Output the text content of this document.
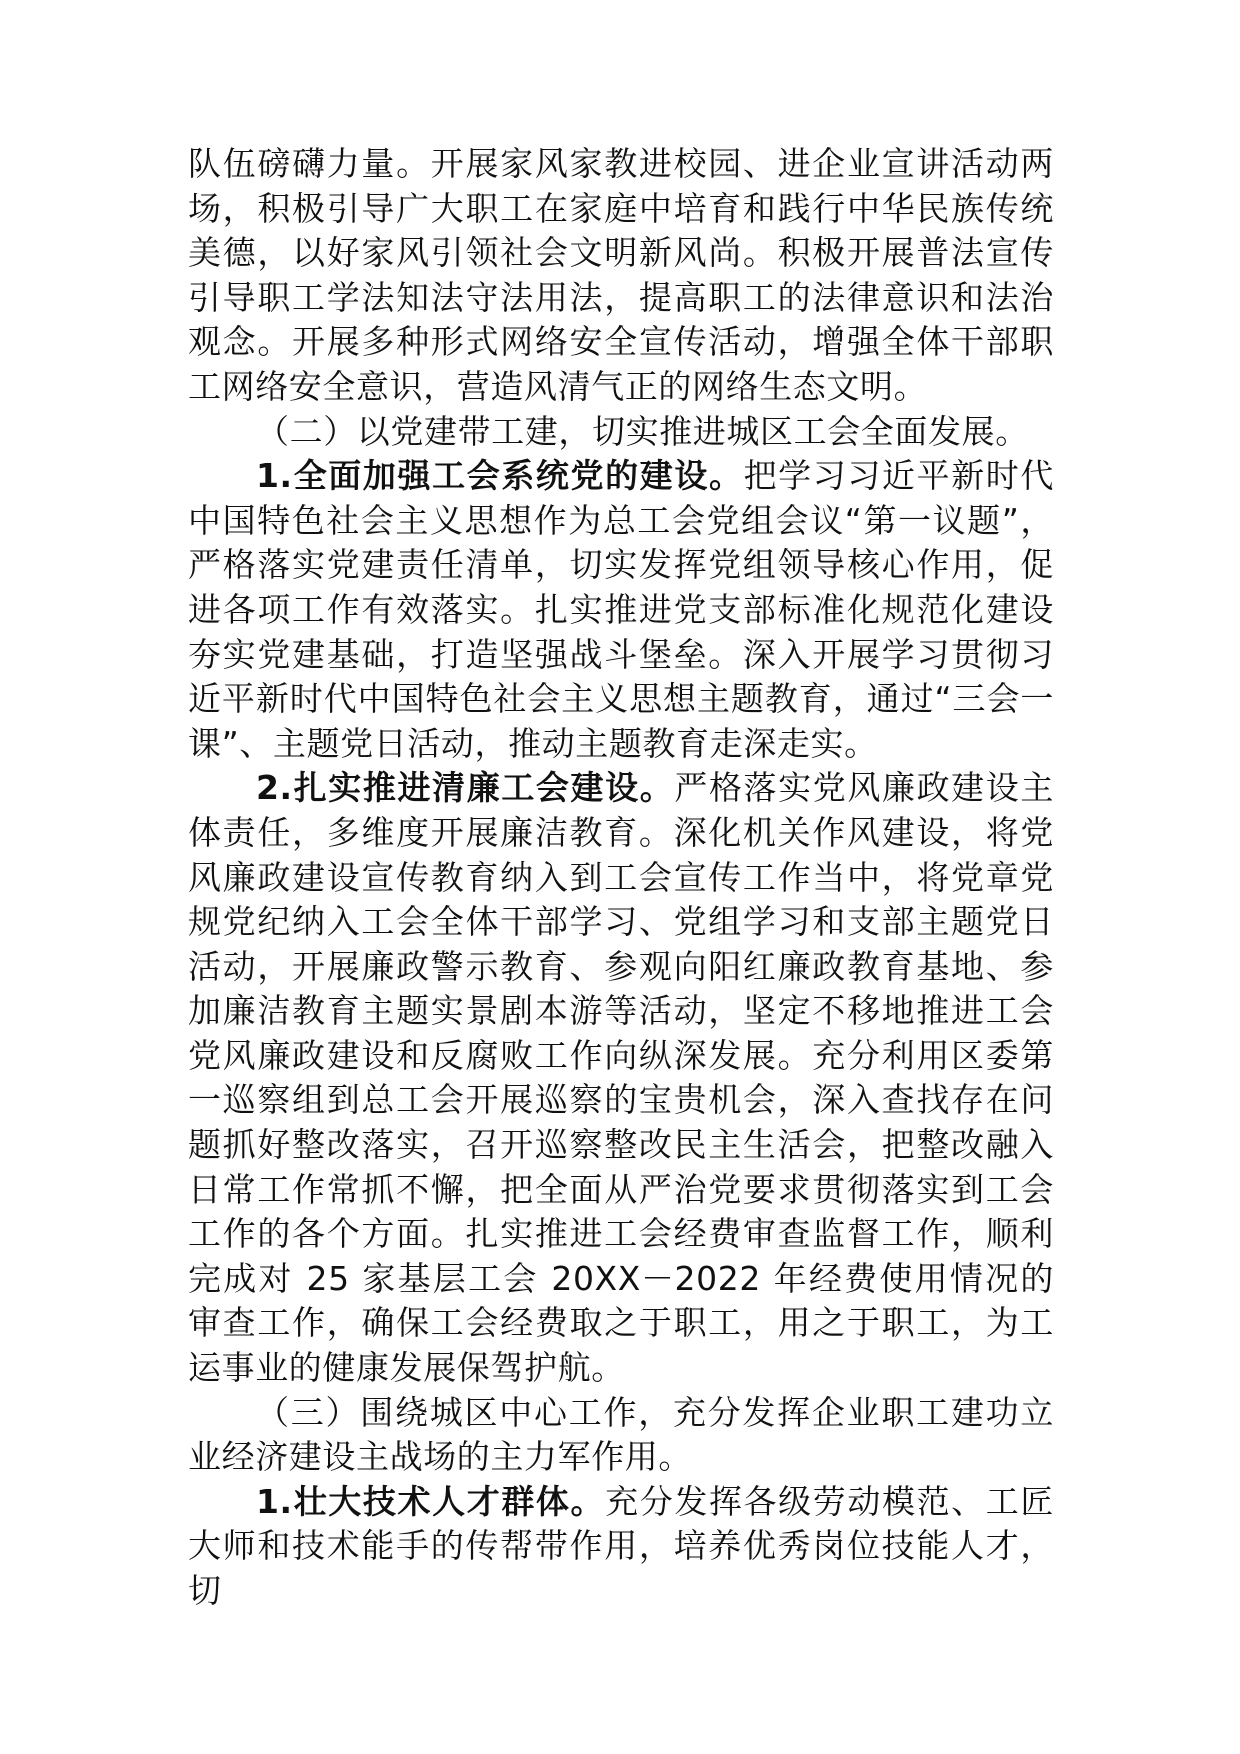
队伍磅礴力量。开展家风家教进校园、进企业宣讲活动两场，积极引导广大职工在家庭中培育和践行中华民族传统美德，以好家风引领社会文明新风尚。积极开展普法宣传引导职工学法知法守法用法，提高职工的法律意识和法治观念。开展多种形式网络安全宣传活动，增强全体干部职工网络安全意识，营造风清气正的网络生态文明。

（二）以党建带工建，切实推进城区工会全面发展。

1.全面加强工会系统党的建设。把学习习近平新时代中国特色社会主义思想作为总工会党组会议“第一议题”，严格落实党建责任清单，切实发挥党组领导核心作用，促进各项工作有效落实。扎实推进党支部标准化规范化建设夯实党建基础，打造坚强战斗堡垒。深入开展学习贯彻习近平新时代中国特色社会主义思想主题教育，通过“三会一课”、主题党日活动，推动主题教育走深走实。

2.扎实推进清廉工会建设。严格落实党风廉政建设主体责任，多维度开展廉洁教育。深化机关作风建设，将党风廉政建设宣传教育纳入到工会宣传工作当中，将党章党规党纪纳入工会全体干部学习、党组学习和支部主题党日活动，开展廉政警示教育、参观向阳红廉政教育基地、参加廉洁教育主题实景剧本游等活动，坚定不移地推进工会党风廉政建设和反腐败工作向纵深发展。充分利用区委第一巡察组到总工会开展巡察的宝贵机会，深入查找存在问题抓好整改落实，召开巡察整改民主生活会，把整改融入日常工作常抓不懈，把全面从严治党要求贯彻落实到工会工作的各个方面。扎实推进工会经费审查监督工作，顺利完成对 25 家基层工会 20XX－2022 年经费使用情况的审查工作，确保工会经费取之于职工，用之于职工，为工运事业的健康发展保驾护航。

（三）围绕城区中心工作，充分发挥企业职工建功立业经济建设主战场的主力军作用。

1.壮大技术人才群体。充分发挥各级劳动模范、工匠大师和技术能手的传帮带作用，培养优秀岗位技能人才，切
